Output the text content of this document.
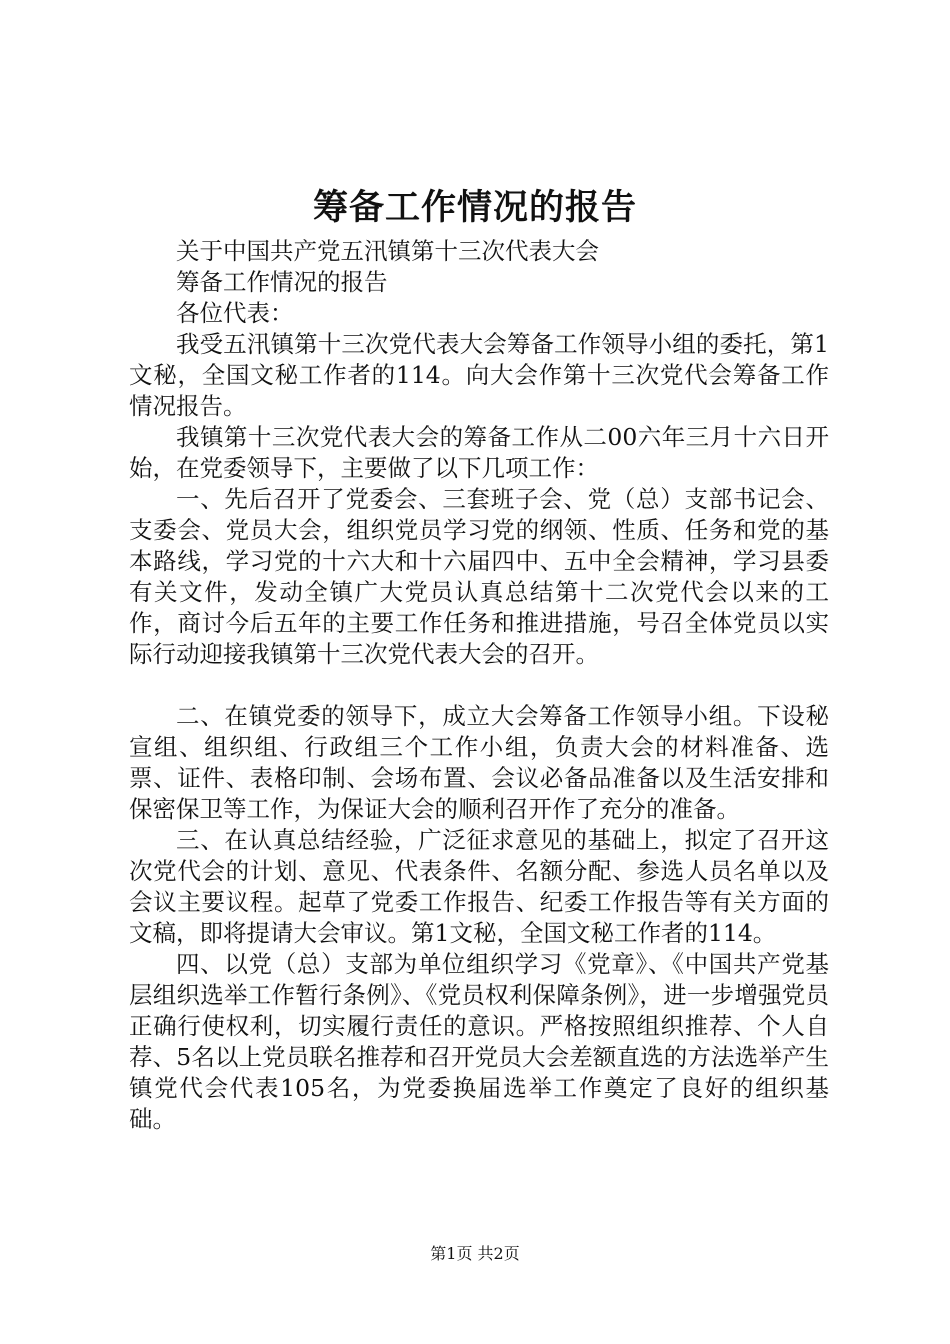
筹备工作情况的报告

关于中国共产党五汛镇第十三次代表大会

筹备工作情况的报告

各位代表：

我受五汛镇第十三次党代表大会筹备工作领导小组的委托，第1文秘，全国文秘工作者的114。向大会作第十三次党代会筹备工作情况报告。

我镇第十三次党代表大会的筹备工作从二00六年三月十六日开始，在党委领导下，主要做了以下几项工作：

一、先后召开了党委会、三套班子会、党（总）支部书记会、支委会、党员大会，组织党员学习党的纲领、性质、任务和党的基本路线，学习党的十六大和十六届四中、五中全会精神，学习县委有关文件，发动全镇广大党员认真总结第十二次党代会以来的工作，商讨今后五年的主要工作任务和推进措施，号召全体党员以实际行动迎接我镇第十三次党代表大会的召开。

二、在镇党委的领导下，成立大会筹备工作领导小组。下设秘宣组、组织组、行政组三个工作小组，负责大会的材料准备、选票、证件、表格印制、会场布置、会议必备品准备以及生活安排和保密保卫等工作，为保证大会的顺利召开作了充分的准备。

三、在认真总结经验，广泛征求意见的基础上，拟定了召开这次党代会的计划、意见、代表条件、名额分配、参选人员名单以及会议主要议程。起草了党委工作报告、纪委工作报告等有关方面的文稿，即将提请大会审议。第1文秘，全国文秘工作者的114。

四、以党（总）支部为单位组织学习《党章》、《中国共产党基层组织选举工作暂行条例》、《党员权利保障条例》，进一步增强党员正确行使权利，切实履行责任的意识。严格按照组织推荐、个人自荐、5名以上党员联名推荐和召开党员大会差额直选的方法选举产生镇党代会代表105名，为党委换届选举工作奠定了良好的组织基础。

第1页 共2页
